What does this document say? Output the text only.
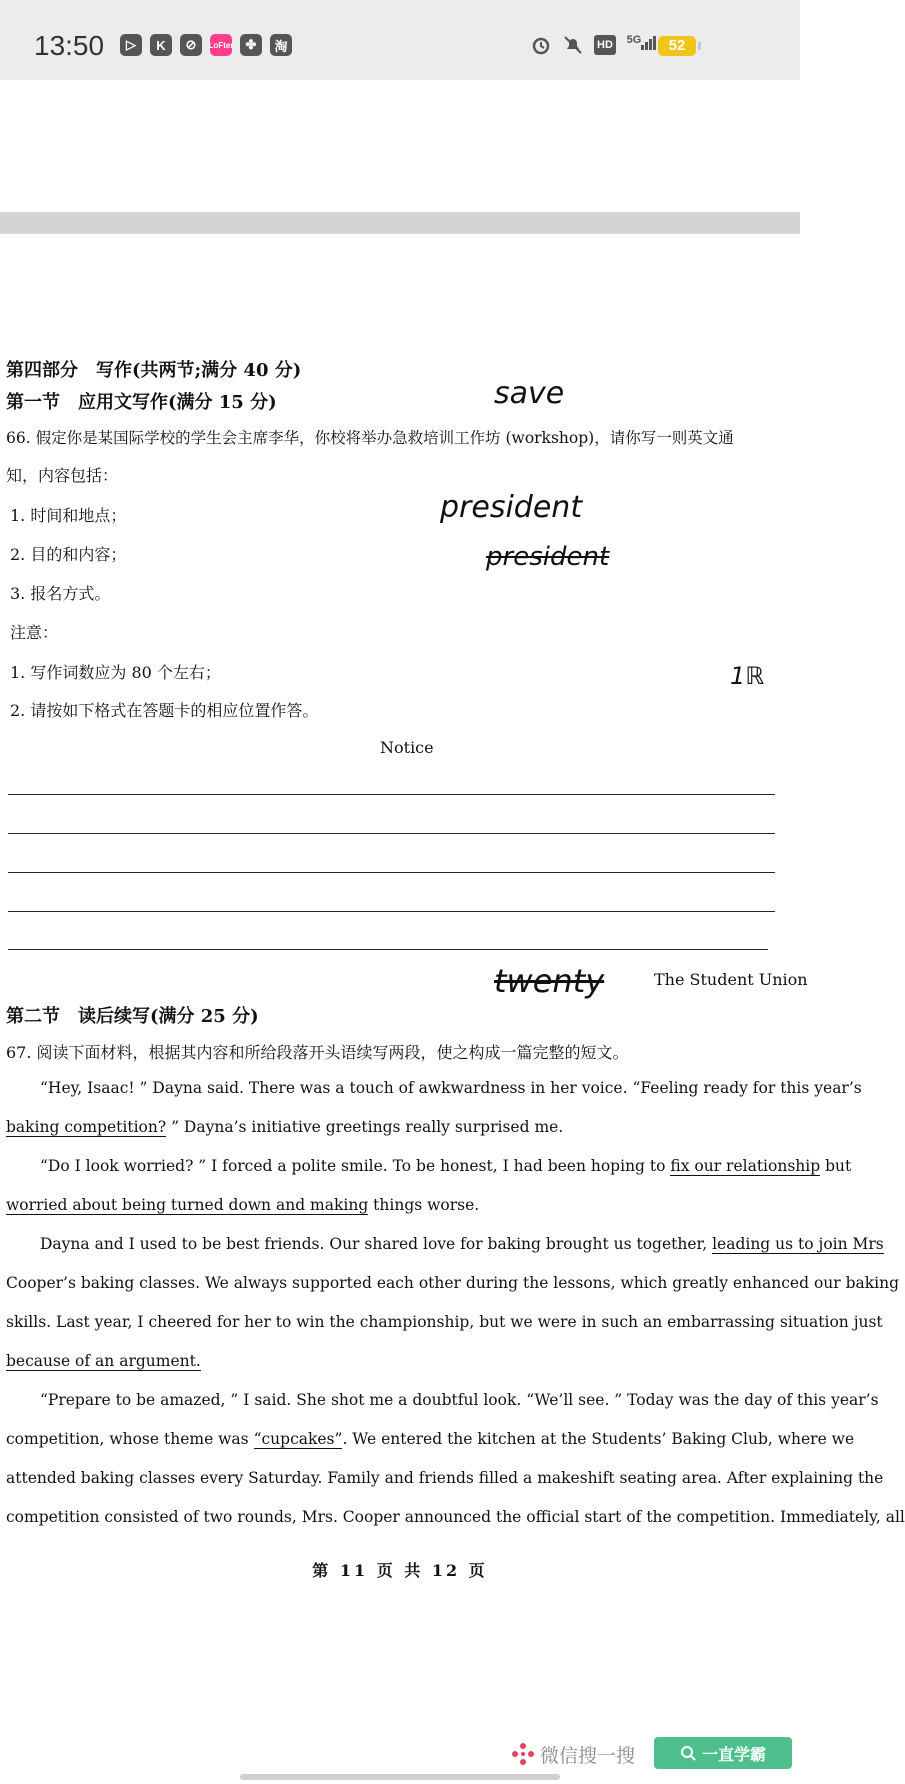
13:50	▷	K	⊘	LoFter ✤	淘	HD 5G	52
第四部分　写作(共两节;满分 40 分)
第一节　应用文写作(满分 15 分)
66. 假定你是某国际学校的学生会主席李华，你校将举办急救培训工作坊 (workshop)，请你写一则英文通
知，内容包括：
1. 时间和地点；
2. 目的和内容；
3. 报名方式。
注意：
1. 写作词数应为 80 个左右；
2. 请按如下格式在答题卡的相应位置作答。
Notice
The Student Union
第二节　读后续写(满分 25 分)
67. 阅读下面材料，根据其内容和所给段落开头语续写两段，使之构成一篇完整的短文。
“Hey, Isaac! ” Dayna said. There was a touch of awkwardness in her voice. “Feeling ready for this year’s
baking competition? ” Dayna’s initiative greetings really surprised me.
“Do I look worried? ” I forced a polite smile. To be honest, I had been hoping to fix our relationship but
worried about being turned down and making things worse.
Dayna and I used to be best friends. Our shared love for baking brought us together, leading us to join Mrs
Cooper’s baking classes. We always supported each other during the lessons, which greatly enhanced our baking
skills. Last year, I cheered for her to win the championship, but we were in such an embarrassing situation just
because of an argument.
“Prepare to be amazed, ” I said. She shot me a doubtful look. “We’ll see. ” Today was the day of this year’s
competition, whose theme was “cupcakes”. We entered the kitchen at the Students’ Baking Club, where we
attended baking classes every Saturday. Family and friends filled a makeshift seating area. After explaining the
competition consisted of two rounds, Mrs. Cooper announced the official start of the competition. Immediately, all
第 11 页 共 12 页
save
president
president
1ℝ
twenty
微信搜一搜	一直学霸
